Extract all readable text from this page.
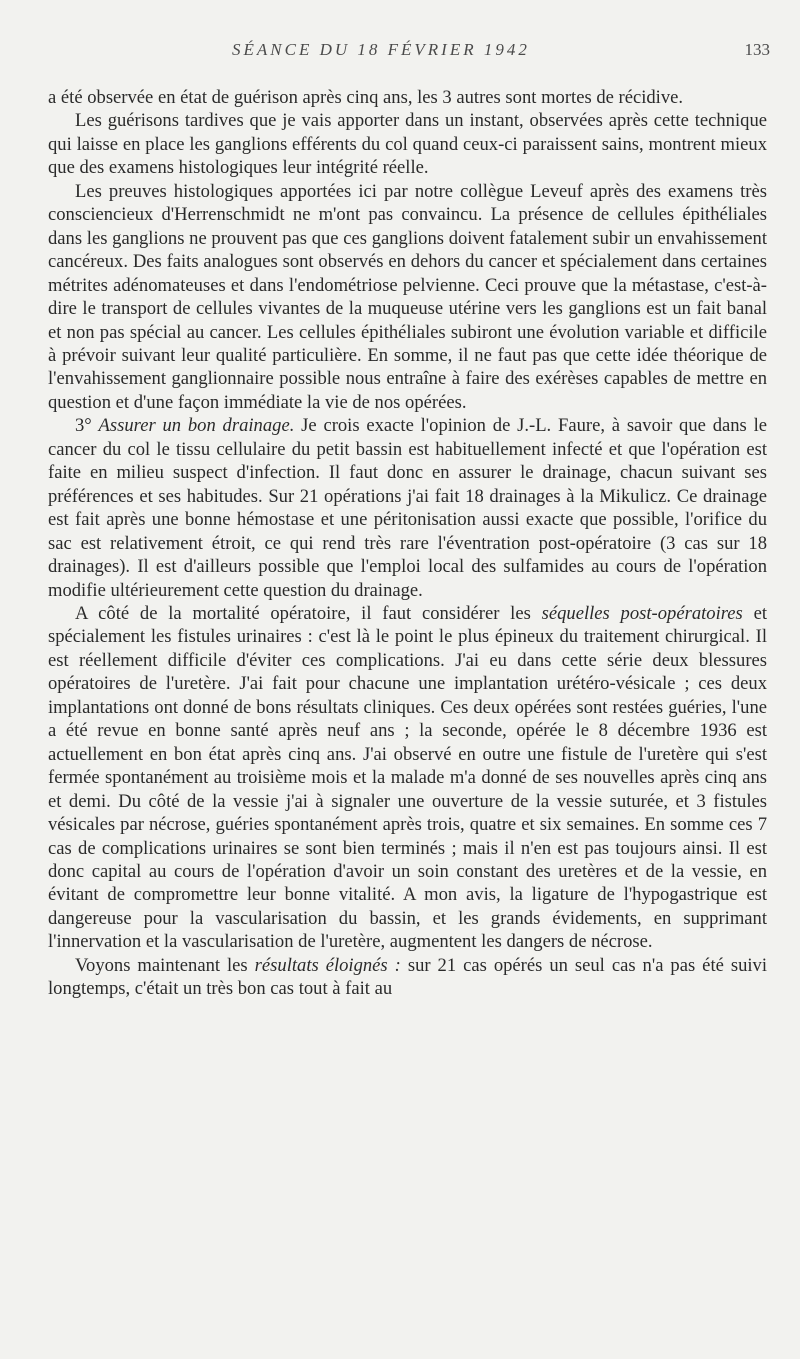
SÉANCE DU 18 FÉVRIER 1942	133

a été observée en état de guérison après cinq ans, les 3 autres sont mortes de récidive.

Les guérisons tardives que je vais apporter dans un instant, observées après cette technique qui laisse en place les ganglions efférents du col quand ceux-ci paraissent sains, montrent mieux que des examens histologiques leur intégrité réelle.

Les preuves histologiques apportées ici par notre collègue Leveuf après des examens très consciencieux d'Herrenschmidt ne m'ont pas convaincu. La présence de cellules épithéliales dans les ganglions ne prouvent pas que ces ganglions doivent fatalement subir un envahissement cancéreux. Des faits analogues sont observés en dehors du cancer et spécialement dans certaines métrites adénomateuses et dans l'endométriose pelvienne. Ceci prouve que la métastase, c'est-à-dire le transport de cellules vivantes de la muqueuse utérine vers les ganglions est un fait banal et non pas spécial au cancer. Les cellules épithéliales subiront une évolution variable et difficile à prévoir suivant leur qualité particulière. En somme, il ne faut pas que cette idée théorique de l'envahissement ganglionnaire possible nous entraîne à faire des exérèses capables de mettre en question et d'une façon immédiate la vie de nos opérées.

3° Assurer un bon drainage. Je crois exacte l'opinion de J.-L. Faure, à savoir que dans le cancer du col le tissu cellulaire du petit bassin est habituellement infecté et que l'opération est faite en milieu suspect d'infection. Il faut donc en assurer le drainage, chacun suivant ses préférences et ses habitudes. Sur 21 opérations j'ai fait 18 drainages à la Mikulicz. Ce drainage est fait après une bonne hémostase et une péritonisation aussi exacte que possible, l'orifice du sac est relativement étroit, ce qui rend très rare l'éventration post-opératoire (3 cas sur 18 drainages). Il est d'ailleurs possible que l'emploi local des sulfamides au cours de l'opération modifie ultérieurement cette question du drainage.

A côté de la mortalité opératoire, il faut considérer les séquelles post-opératoires et spécialement les fistules urinaires : c'est là le point le plus épineux du traitement chirurgical. Il est réellement difficile d'éviter ces complications. J'ai eu dans cette série deux blessures opératoires de l'uretère. J'ai fait pour chacune une implantation urétéro-vésicale ; ces deux implantations ont donné de bons résultats cliniques. Ces deux opérées sont restées guéries, l'une a été revue en bonne santé après neuf ans ; la seconde, opérée le 8 décembre 1936 est actuellement en bon état après cinq ans. J'ai observé en outre une fistule de l'uretère qui s'est fermée spontanément au troisième mois et la malade m'a donné de ses nouvelles après cinq ans et demi. Du côté de la vessie j'ai à signaler une ouverture de la vessie suturée, et 3 fistules vésicales par nécrose, guéries spontanément après trois, quatre et six semaines. En somme ces 7 cas de complications urinaires se sont bien terminés ; mais il n'en est pas toujours ainsi. Il est donc capital au cours de l'opération d'avoir un soin constant des uretères et de la vessie, en évitant de compromettre leur bonne vitalité. A mon avis, la ligature de l'hypogastrique est dangereuse pour la vascularisation du bassin, et les grands évidements, en supprimant l'innervation et la vascularisation de l'uretère, augmentent les dangers de nécrose.

Voyons maintenant les résultats éloignés : sur 21 cas opérés un seul cas n'a pas été suivi longtemps, c'était un très bon cas tout à fait au
